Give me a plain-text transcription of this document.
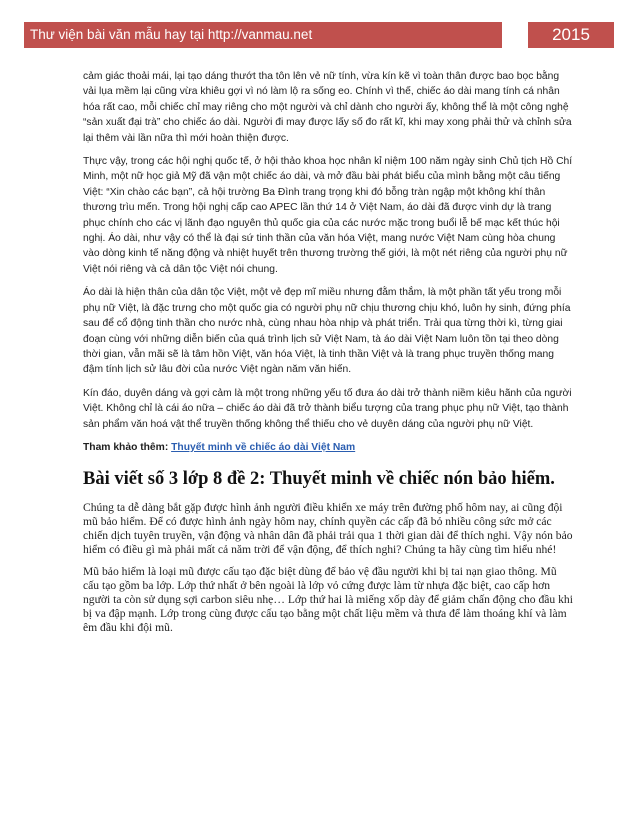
Thư viện bài văn mẫu hay tại http://vanmau.net	2015

cảm giác thoải mái, lại tạo dáng thướt tha tôn lên vẻ nữ tính, vừa kín kẽ vì toàn thân được bao bọc bằng vải lụa mềm lại cũng vừa khiêu gợi vì nó làm lộ ra sống eo. Chính vì thế, chiếc áo dài mang tính cá nhân hóa rất cao, mỗi chiếc chỉ may riêng cho một người và chỉ dành cho người ấy, không thể là một công nghệ “sản xuất đại trà” cho chiếc áo dài. Người đi may được lấy số đo rất kĩ, khi may xong phải thử và chỉnh sửa lại thêm vài lần nữa thì mới hoàn thiện được.

Thực vậy, trong các hội nghị quốc tế, ở hội thảo khoa học nhân kỉ niệm 100 năm ngày sinh Chủ tịch Hồ Chí Minh, một nữ học giả Mỹ đã vận một chiếc áo dài, và mở đầu bài phát biểu của mình bằng một câu tiếng Việt: “Xin chào các bạn”, cả hội trường Ba Đình trang trọng khi đó bỗng tràn ngập một không khí thân thương trìu mến. Trong hội nghị cấp cao APEC lần thứ 14 ở Việt Nam, áo dài đã được vinh dự là trang phục chính cho các vị lãnh đạo nguyên thủ quốc gia của các nước mặc trong buổi lễ bế mạc kết thúc hội nghị. Áo dài, như vậy có thể là đại sứ tinh thần của văn hóa Việt, mang nước Việt Nam cùng hòa chung vào dòng kinh tế năng động và nhiệt huyết trên thương trường thế giới, là một nét riêng của người phụ nữ Việt nói riêng và cả dân tộc Việt nói chung.

Áo dài là hiện thân của dân tộc Việt, một vẻ đẹp mĩ miều nhưng đằm thắm, là một phần tất yếu trong mỗi phụ nữ Việt, là đặc trưng cho một quốc gia có người phụ nữ chịu thương chịu khó, luôn hy sinh, đứng phía sau để cổ động tinh thần cho nước nhà, cùng nhau hòa nhịp và phát triển. Trải qua từng thời kì, từng giai đoạn cùng với những diễn biến của quá trình lịch sử Việt Nam, tà áo dài Việt Nam luôn tồn tại theo dòng thời gian, vẫn mãi sẽ là tâm hồn Việt, văn hóa Việt, là tinh thần Việt và là trang phục truyền thống mang đậm tính lịch sử lâu đời của nước Việt ngàn năm văn hiến.

Kín đáo, duyên dáng và gợi cảm là một trong những yếu tố đưa áo dài trở thành niềm kiêu hãnh của người Việt. Không chỉ là cái áo nữa – chiếc áo dài đã trở thành biểu tượng của trang phục phụ nữ Việt, tạo thành sản phẩm văn hoá vật thể truyền thống không thể thiếu cho vẻ duyên dáng của người phụ nữ Việt.

Tham khảo thêm: Thuyết minh về chiếc áo dài Việt Nam

Bài viết số 3 lớp 8 đề 2: Thuyết minh về chiếc nón bảo hiểm.

Chúng ta dễ dàng bắt gặp được hình ảnh người điều khiển xe máy trên đường phố hôm nay, ai cũng đội mũ bảo hiểm. Để có được hình ảnh ngày hôm nay, chính quyền các cấp đã bỏ nhiều công sức mở các chiến dịch tuyên truyền, vận động và nhân dân đã phải trải qua 1 thời gian dài để thích nghi. Vậy nón bảo hiểm có điều gì mà phải mất cả năm trời để vận động, để thích nghi? Chúng ta hãy cùng tìm hiểu nhé!

Mũ bảo hiểm là loại mũ được cấu tạo đặc biệt dùng để bảo vệ đầu người khi bị tai nạn giao thông. Mũ cấu tạo gồm ba lớp. Lớp thứ nhất ở bên ngoài là lớp vỏ cứng được làm từ nhựa đặc biệt, cao cấp hơn người ta còn sử dụng sợi carbon siêu nhẹ… Lớp thứ hai là miếng xốp dày để giảm chấn động cho đầu khi bị va đập mạnh. Lớp trong cùng được cấu tạo bằng một chất liệu mềm và thưa để làm thoáng khí và làm êm đầu khi đội mũ.
